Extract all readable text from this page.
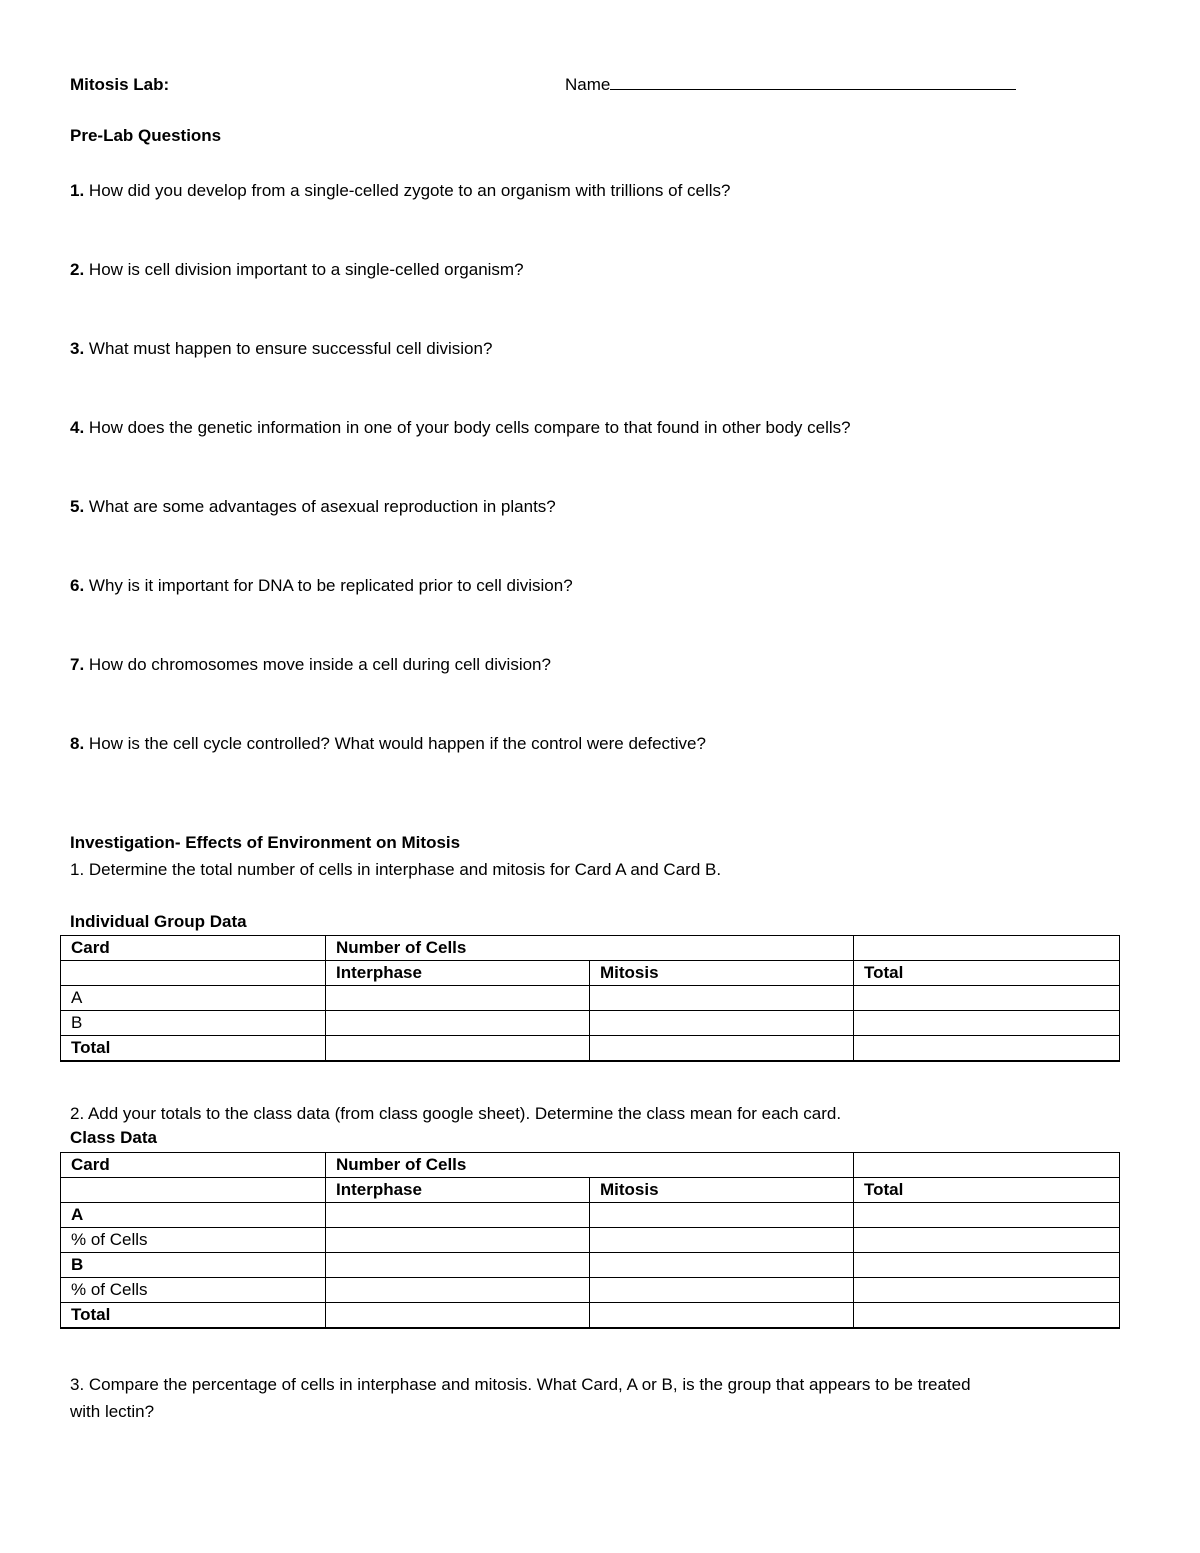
Mitosis Lab:	Name
Pre-Lab Questions
1. How did you develop from a single-celled zygote to an organism with trillions of cells?
2. How is cell division important to a single-celled organism?
3. What must happen to ensure successful cell division?
4. How does the genetic information in one of your body cells compare to that found in other body cells?
5. What are some advantages of asexual reproduction in plants?
6. Why is it important for DNA to be replicated prior to cell division?
7. How do chromosomes move inside a cell during cell division?
8. How is the cell cycle controlled? What would happen if the control were defective?
Investigation- Effects of Environment on Mitosis
1. Determine the total number of cells in interphase and mitosis for Card A and Card B.
Individual Group Data
Card	Number of Cells		
	Interphase	Mitosis	Total
A			
B			
Total			
2. Add your totals to the class data (from class google sheet). Determine the class mean for each card.
Class Data
Card	Number of Cells		
	Interphase	Mitosis	Total
A			
% of Cells			
B			
% of Cells			
Total			
3. Compare the percentage of cells in interphase and mitosis. What Card, A or B, is the group that appears to be treated
with lectin?
